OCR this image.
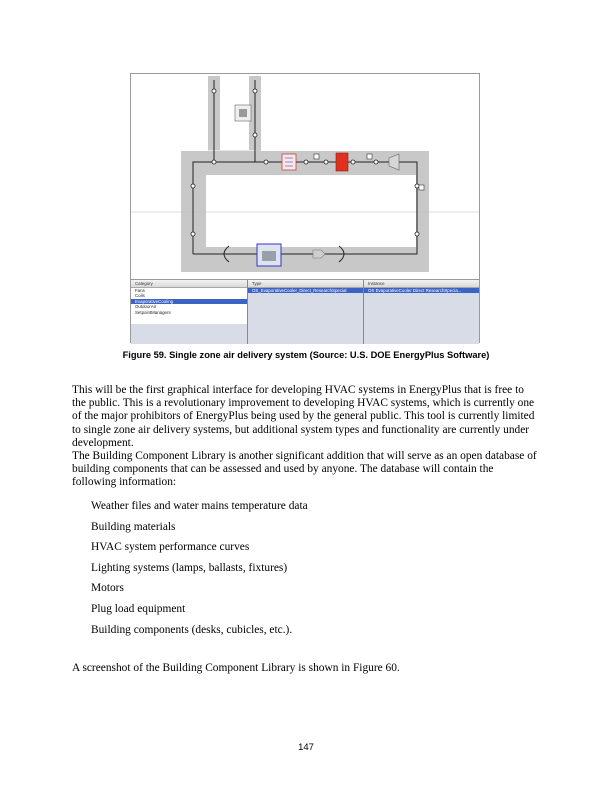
Category
Fans
Coils
EvaporativeCooling
OutdoorAir
SetpointManagers
Type
OS_EvaporativeCooler_Direct_ResearchSpecial
Instance
OS EvaporativeCooler Direct ResearchSpecia...
Figure 59. Single zone air delivery system (Source: U.S. DOE EnergyPlus Software)

This will be the first graphical interface for developing HVAC systems in EnergyPlus that is free to the public. This is a revolutionary improvement to developing HVAC systems, which is currently one of the major prohibitors of EnergyPlus being used by the general public. This tool is currently limited to single zone air delivery systems, but additional system types and functionality are currently under development.

The Building Component Library is another significant addition that will serve as an open database of building components that can be assessed and used by anyone. The database will contain the following information:

Weather files and water mains temperature data
Building materials
HVAC system performance curves
Lighting systems (lamps, ballasts, fixtures)
Motors
Plug load equipment
Building components (desks, cubicles, etc.).
A screenshot of the Building Component Library is shown in Figure 60.
147
